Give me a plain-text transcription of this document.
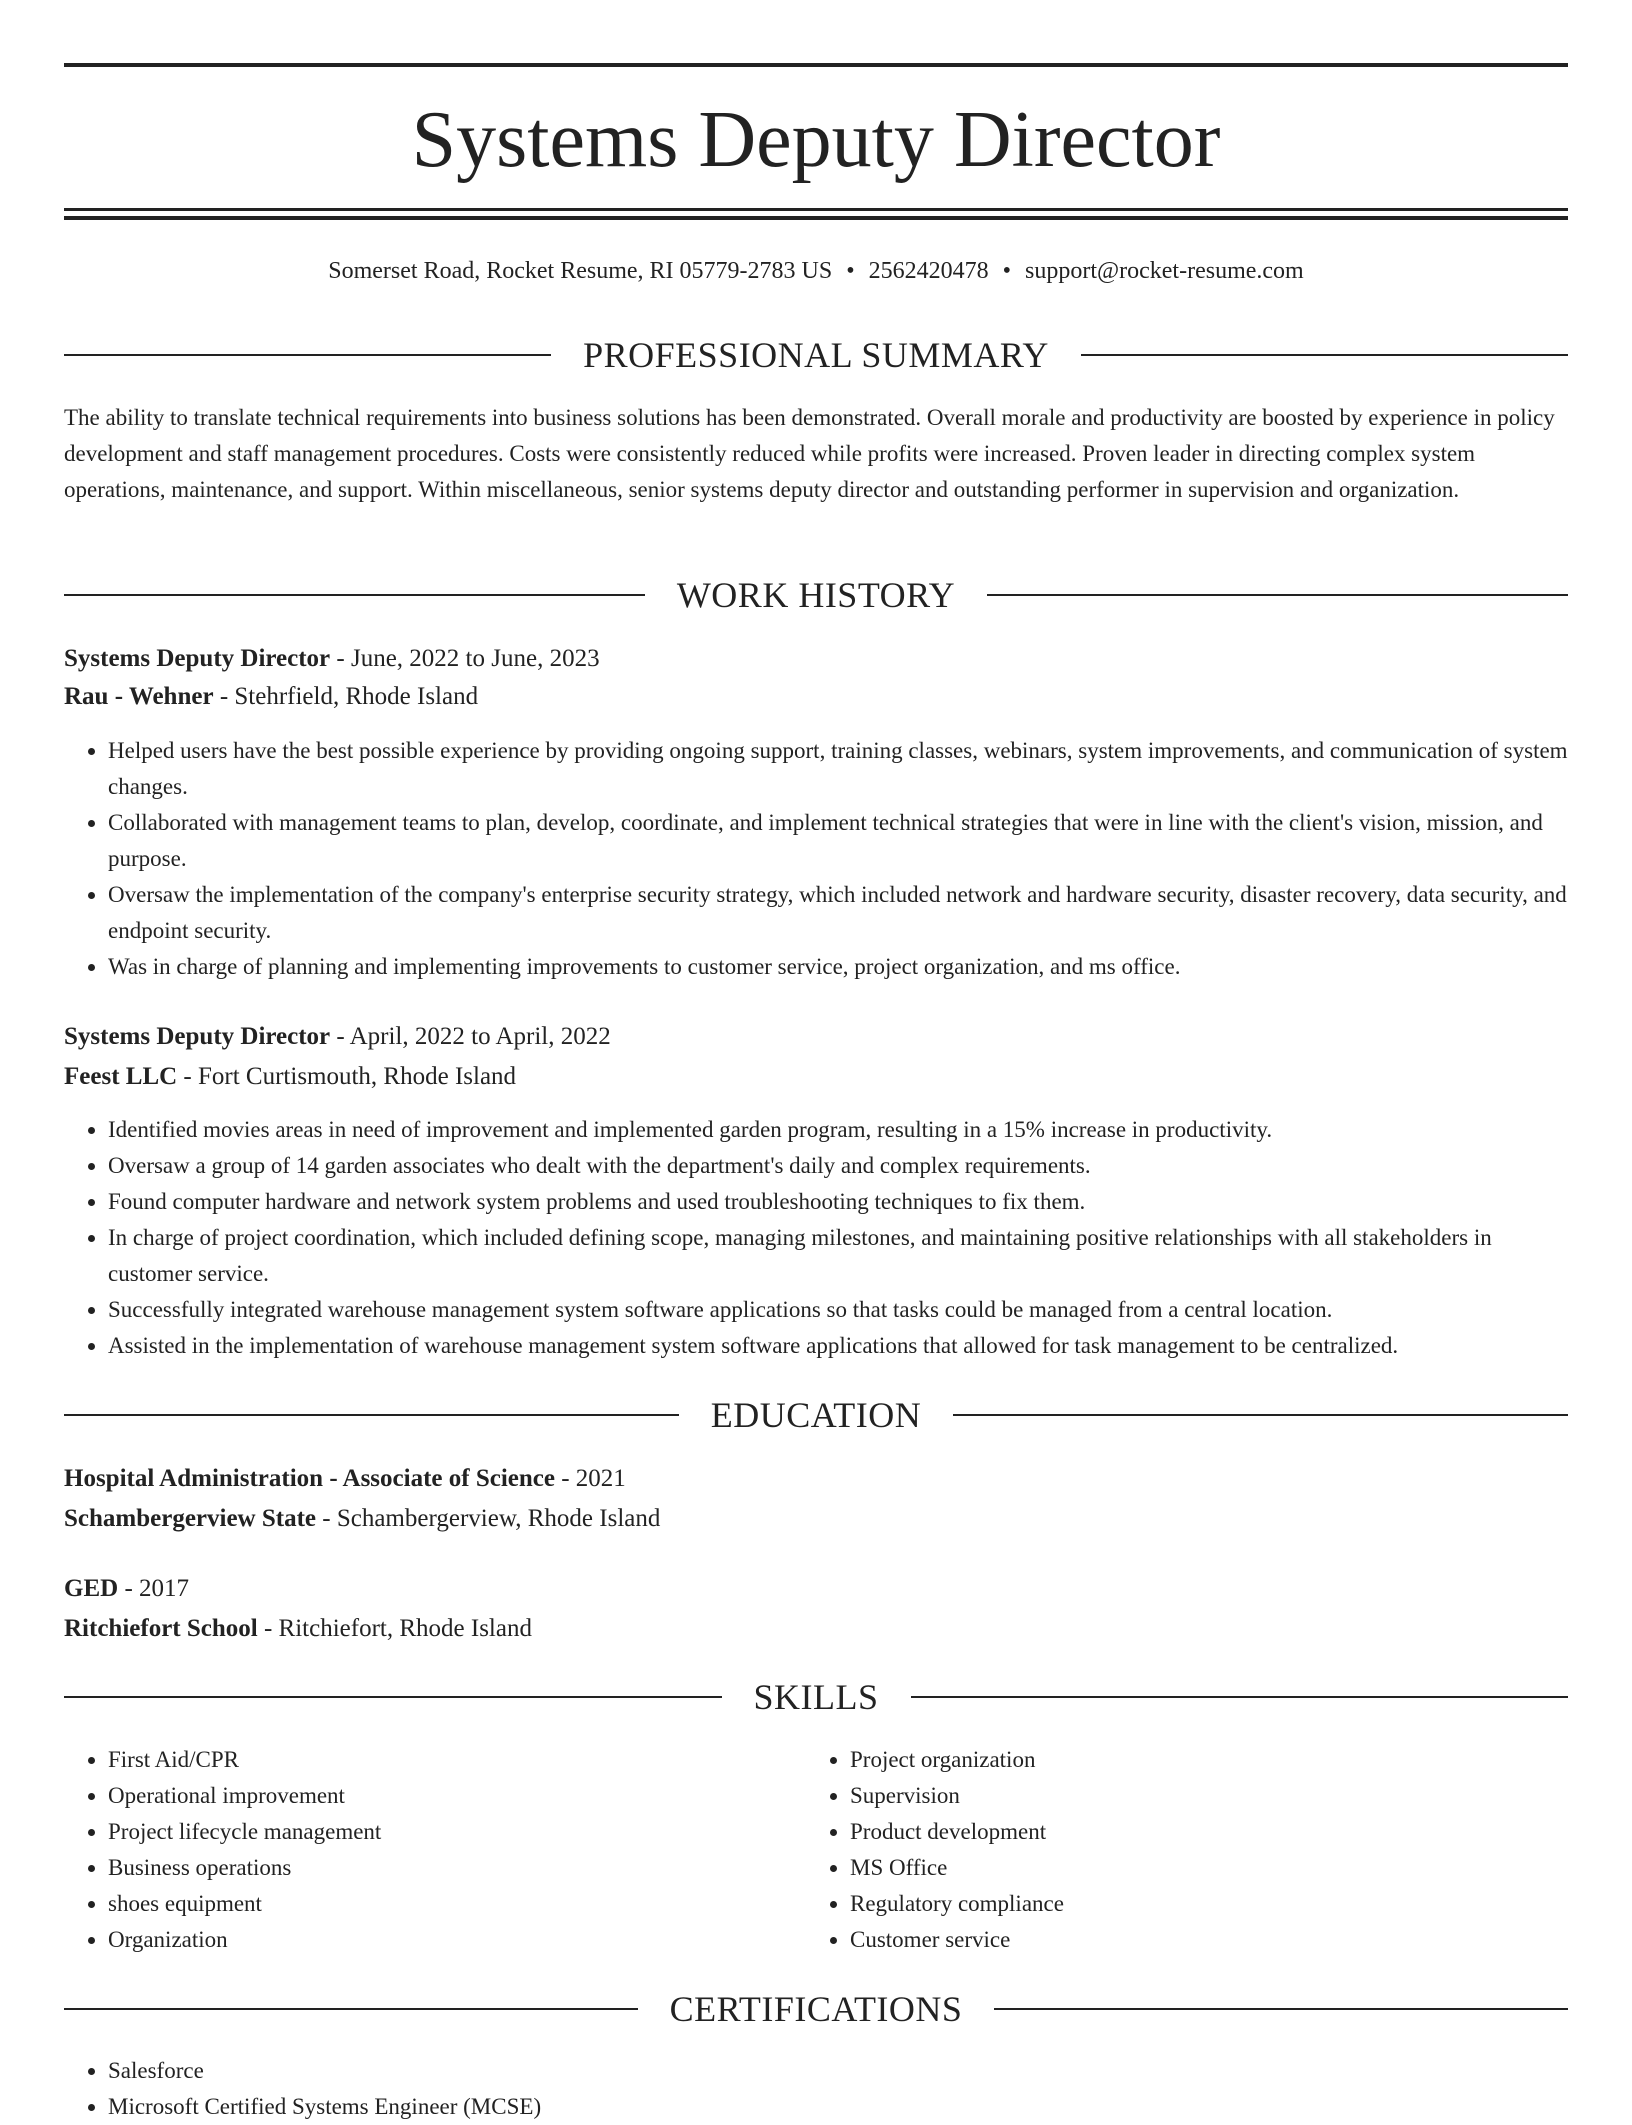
Systems Deputy Director
Somerset Road, Rocket Resume, RI 05779-2783 US • 2562420478 • support@rocket-resume.com
PROFESSIONAL SUMMARY

The ability to translate technical requirements into business solutions has been demonstrated. Overall morale and productivity are boosted by experience in policy development and staff management procedures. Costs were consistently reduced while profits were increased. Proven leader in directing complex system operations, maintenance, and support. Within miscellaneous, senior systems deputy director and outstanding performer in supervision and organization.

WORK HISTORY
Systems Deputy Director - June, 2022 to June, 2023
Rau - Wehner - Stehrfield, Rhode Island
• Helped users have the best possible experience by providing ongoing support, training classes, webinars, system improvements, and communication of system changes.
• Collaborated with management teams to plan, develop, coordinate, and implement technical strategies that were in line with the client's vision, mission, and purpose.
• Oversaw the implementation of the company's enterprise security strategy, which included network and hardware security, disaster recovery, data security, and endpoint security.
• Was in charge of planning and implementing improvements to customer service, project organization, and ms office.
Systems Deputy Director - April, 2022 to April, 2022
Feest LLC - Fort Curtismouth, Rhode Island
• Identified movies areas in need of improvement and implemented garden program, resulting in a 15% increase in productivity.
• Oversaw a group of 14 garden associates who dealt with the department's daily and complex requirements.
• Found computer hardware and network system problems and used troubleshooting techniques to fix them.
• In charge of project coordination, which included defining scope, managing milestones, and maintaining positive relationships with all stakeholders in customer service.
• Successfully integrated warehouse management system software applications so that tasks could be managed from a central location.
• Assisted in the implementation of warehouse management system software applications that allowed for task management to be centralized.
EDUCATION
Hospital Administration - Associate of Science - 2021
Schambergerview State - Schambergerview, Rhode Island
GED - 2017
Ritchiefort School - Ritchiefort, Rhode Island
SKILLS
• First Aid/CPR
• Operational improvement
• Project lifecycle management
• Business operations
• shoes equipment
• Organization
• Project organization
• Supervision
• Product development
• MS Office
• Regulatory compliance
• Customer service
CERTIFICATIONS
• Salesforce
• Microsoft Certified Systems Engineer (MCSE)
